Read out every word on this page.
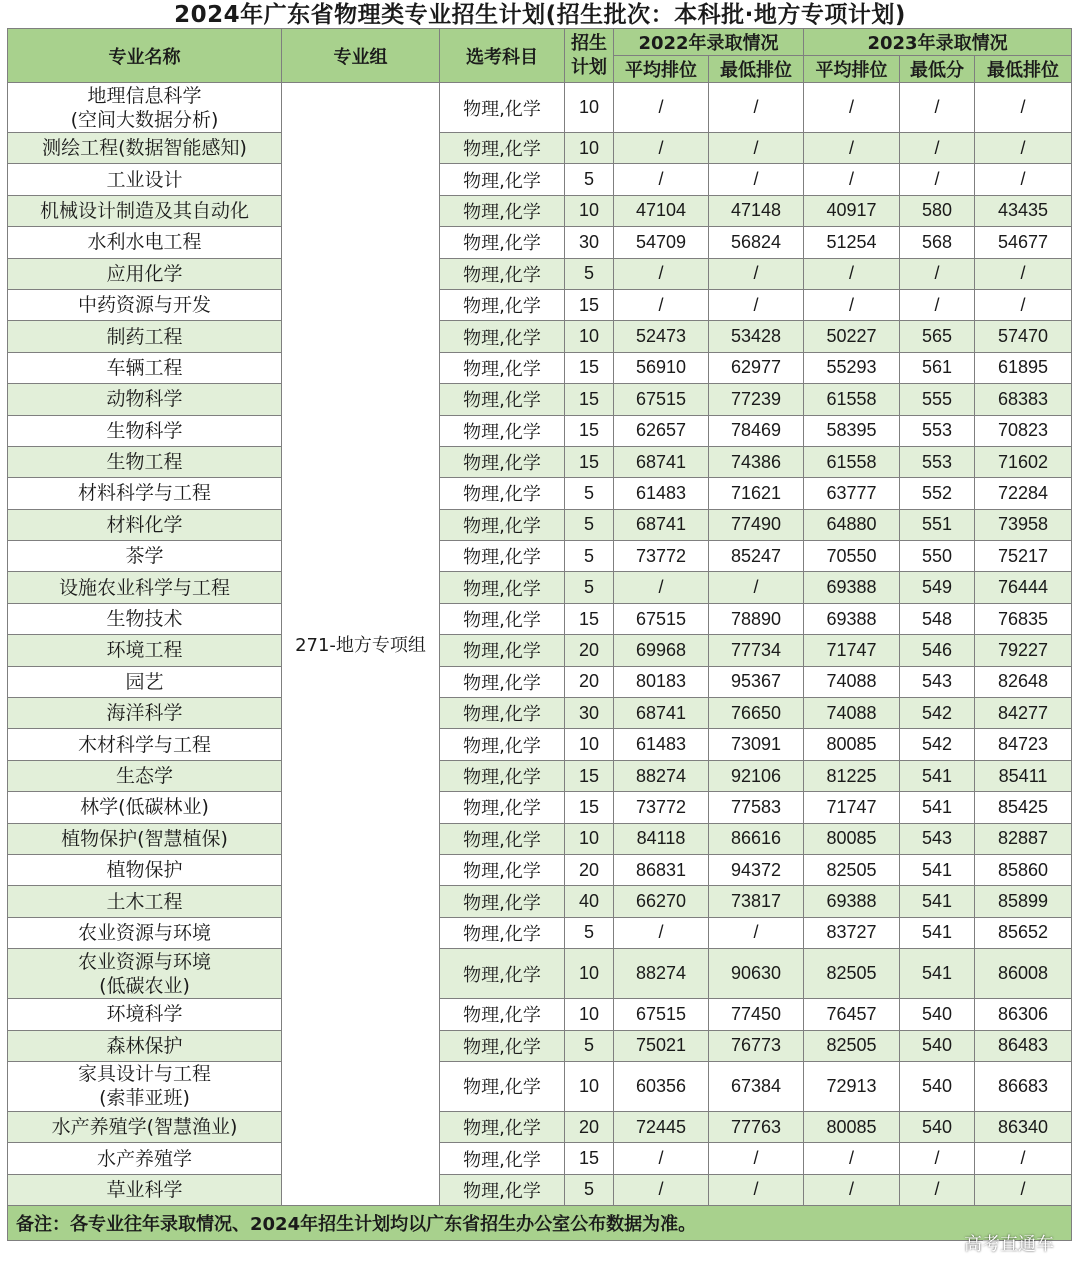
2024年广东省物理类专业招生计划(招生批次：本科批·地方专项计划)
专业名称	专业组	选考科目	招生计划	2022年录取情况		2023年录取情况		
				平均排位	最低排位	平均排位	最低分	最低排位
地理信息科学
(空间大数据分析)	271-地方专项组	物理,化学	10	/	/	/	/	/
测绘工程(数据智能感知)		物理,化学	10	/	/	/	/	/
工业设计		物理,化学	5	/	/	/	/	/
机械设计制造及其自动化		物理,化学	10	47104	47148	40917	580	43435
水利水电工程		物理,化学	30	54709	56824	51254	568	54677
应用化学		物理,化学	5	/	/	/	/	/
中药资源与开发		物理,化学	15	/	/	/	/	/
制药工程		物理,化学	10	52473	53428	50227	565	57470
车辆工程		物理,化学	15	56910	62977	55293	561	61895
动物科学		物理,化学	15	67515	77239	61558	555	68383
生物科学		物理,化学	15	62657	78469	58395	553	70823
生物工程		物理,化学	15	68741	74386	61558	553	71602
材料科学与工程		物理,化学	5	61483	71621	63777	552	72284
材料化学		物理,化学	5	68741	77490	64880	551	73958
茶学		物理,化学	5	73772	85247	70550	550	75217
设施农业科学与工程		物理,化学	5	/	/	69388	549	76444
生物技术		物理,化学	15	67515	78890	69388	548	76835
环境工程		物理,化学	20	69968	77734	71747	546	79227
园艺		物理,化学	20	80183	95367	74088	543	82648
海洋科学		物理,化学	30	68741	76650	74088	542	84277
木材科学与工程		物理,化学	10	61483	73091	80085	542	84723
生态学		物理,化学	15	88274	92106	81225	541	85411
林学(低碳林业)		物理,化学	15	73772	77583	71747	541	85425
植物保护(智慧植保)		物理,化学	10	84118	86616	80085	543	82887
植物保护		物理,化学	20	86831	94372	82505	541	85860
土木工程		物理,化学	40	66270	73817	69388	541	85899
农业资源与环境		物理,化学	5	/	/	83727	541	85652
农业资源与环境
(低碳农业)		物理,化学	10	88274	90630	82505	541	86008
环境科学		物理,化学	10	67515	77450	76457	540	86306
森林保护		物理,化学	5	75021	76773	82505	540	86483
家具设计与工程
(索菲亚班)		物理,化学	10	60356	67384	72913	540	86683
水产养殖学(智慧渔业)		物理,化学	20	72445	77763	80085	540	86340
水产养殖学		物理,化学	15	/	/	/	/	/
草业科学		物理,化学	5	/	/	/	/	/
备注：各专业往年录取情况、2024年招生计划均以广东省招生办公室公布数据为准。								
高考直通车
